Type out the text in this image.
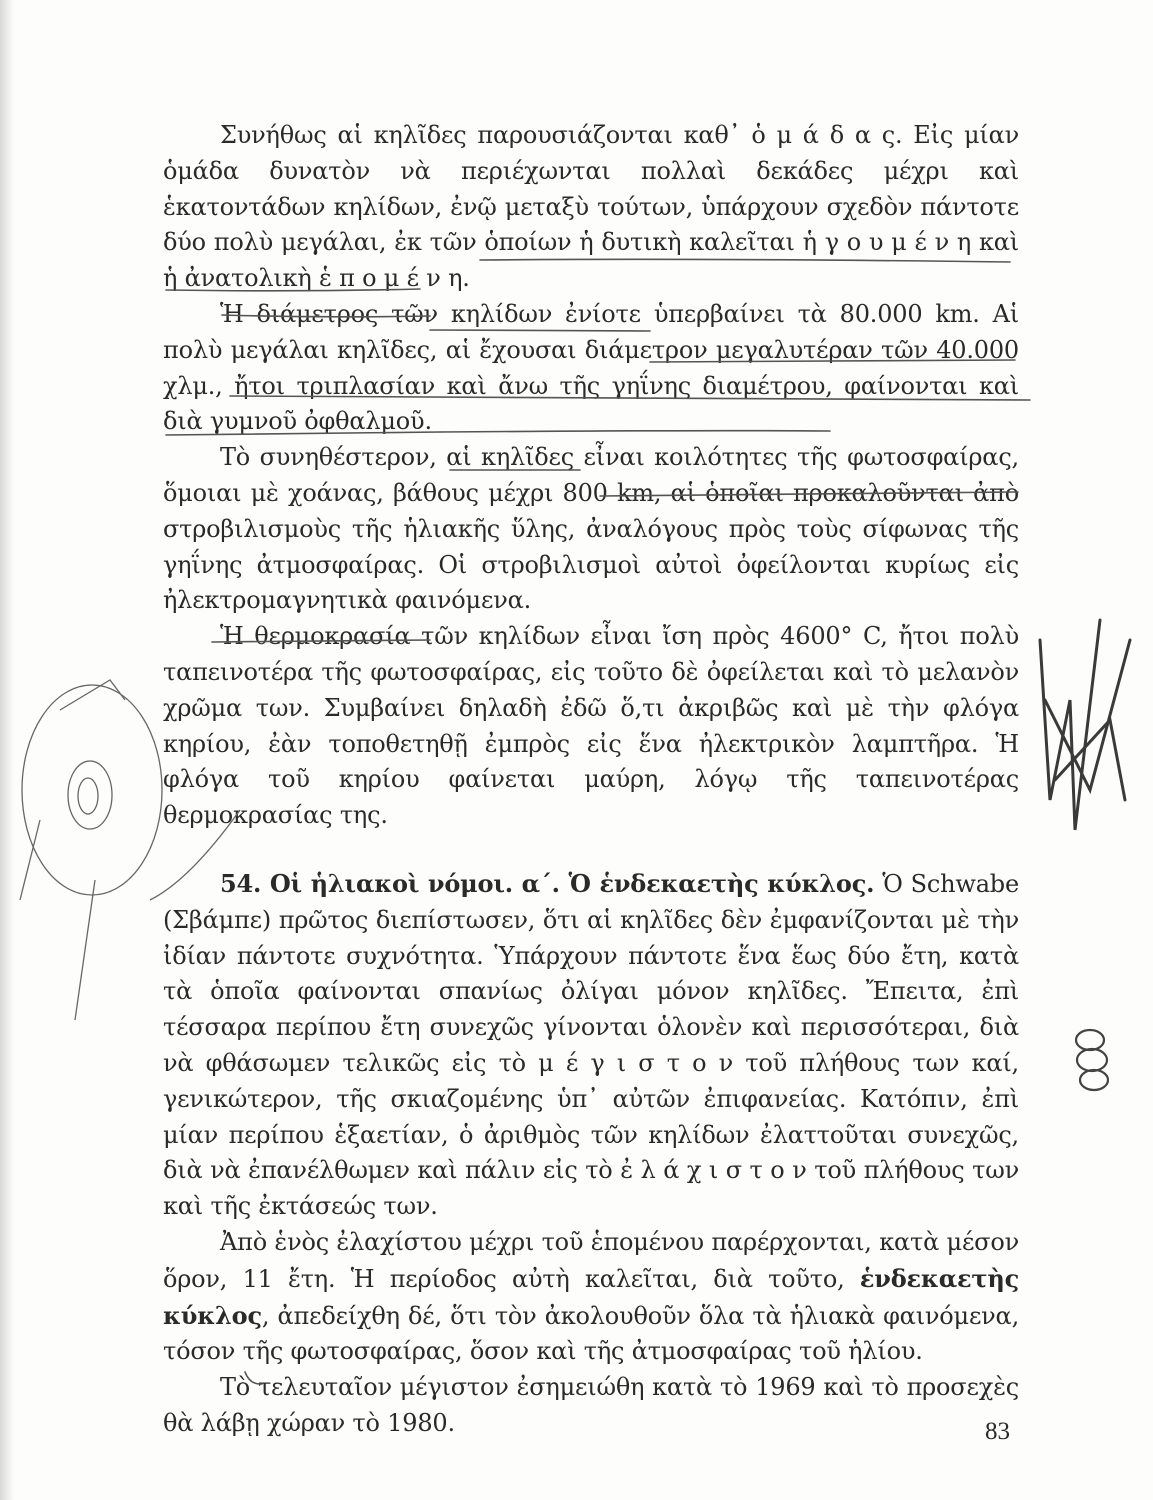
Συνήθως αἱ κηλῖδες παρουσιάζονται καθ᾽ ὁ μ ά δ α ς. Εἰς μίαν ὁμάδα δυνατὸν νὰ περιέχωνται πολλαὶ δεκάδες μέχρι καὶ ἑκατοντάδων κηλίδων, ἐνῷ μεταξὺ τούτων, ὑπάρχουν σχεδὸν πάντοτε δύο πολὺ μεγάλαι, ἐκ τῶν ὁποίων ἡ δυτικὴ καλεῖται ἡ γ ο υ μ έ ν η καὶ ἡ ἀνατολικὴ ἑ π ο μ έ ν η.

Ἡ διάμετρος τῶν κηλίδων ἐνίοτε ὑπερβαίνει τὰ 80.000 km. Αἱ πολὺ μεγάλαι κηλῖδες, αἱ ἔχουσαι διάμετρον μεγαλυτέραν τῶν 40.000 χλμ., ἤτοι τριπλασίαν καὶ ἄνω τῆς γηΐνης διαμέτρου, φαίνονται καὶ διὰ γυμνοῦ ὀφθαλμοῦ.

Τὸ συνηθέστερον, αἱ κηλῖδες εἶναι κοιλότητες τῆς φωτοσφαίρας, ὅμοιαι μὲ χοάνας, βάθους μέχρι 800 km, αἱ ὁποῖαι προκαλοῦνται ἀπὸ στροβιλισμοὺς τῆς ἡλιακῆς ὕλης, ἀναλόγους πρὸς τοὺς σίφωνας τῆς γηΐνης ἀτμοσφαίρας. Οἱ στροβιλισμοὶ αὐτοὶ ὀφείλονται κυρίως εἰς ἠλεκτρομαγνητικὰ φαινόμενα.

Ἡ θερμοκρασία τῶν κηλίδων εἶναι ἴση πρὸς 4600° C, ἤτοι πολὺ ταπεινοτέρα τῆς φωτοσφαίρας, εἰς τοῦτο δὲ ὀφείλεται καὶ τὸ μελανὸν χρῶμα των. Συμβαίνει δηλαδὴ ἐδῶ ὅ,τι ἀκριβῶς καὶ μὲ τὴν φλόγα κηρίου, ἐὰν τοποθετηθῇ ἐμπρὸς εἰς ἕνα ἠλεκτρικὸν λαμπτῆρα. Ἡ φλόγα τοῦ κηρίου φαίνεται μαύρη, λόγῳ τῆς ταπεινοτέρας θερμοκρασίας της.

54. Οἱ ἡλιακοὶ νόμοι. α΄. Ὁ ἑνδεκαετὴς κύκλος. Ὁ Schwabe (Σβάμπε) πρῶτος διεπίστωσεν, ὅτι αἱ κηλῖδες δὲν ἐμφανίζονται μὲ τὴν ἰδίαν πάντοτε συχνότητα. Ὑπάρχουν πάντοτε ἕνα ἕως δύο ἔτη, κατὰ τὰ ὁποῖα φαίνονται σπανίως ὀλίγαι μόνον κηλῖδες. Ἔπειτα, ἐπὶ τέσσαρα περίπου ἔτη συνεχῶς γίνονται ὁλονὲν καὶ περισσότεραι, διὰ νὰ φθάσωμεν τελικῶς εἰς τὸ μ έ γ ι σ τ ο ν τοῦ πλήθους των καί, γενικώτερον, τῆς σκιαζομένης ὑπ᾽ αὐτῶν ἐπιφανείας. Κατόπιν, ἐπὶ μίαν περίπου ἑξαετίαν, ὁ ἀριθμὸς τῶν κηλίδων ἐλαττοῦται συνεχῶς, διὰ νὰ ἐπανέλθωμεν καὶ πάλιν εἰς τὸ ἐ λ ά χ ι σ τ ο ν τοῦ πλήθους των καὶ τῆς ἐκτάσεώς των.

Ἀπὸ ἑνὸς ἐλαχίστου μέχρι τοῦ ἑπομένου παρέρχονται, κατὰ μέσον ὅρον, 11 ἔτη. Ἡ περίοδος αὐτὴ καλεῖται, διὰ τοῦτο, ἑνδεκαετὴς κύκλος, ἀπεδείχθη δέ, ὅτι τὸν ἀκολουθοῦν ὅλα τὰ ἡλιακὰ φαινόμενα, τόσον τῆς φωτοσφαίρας, ὅσον καὶ τῆς ἀτμοσφαίρας τοῦ ἡλίου.

Τὸ τελευταῖον μέγιστον ἐσημειώθη κατὰ τὸ 1969 καὶ τὸ προσεχὲς θὰ λάβῃ χώραν τὸ 1980.	83
